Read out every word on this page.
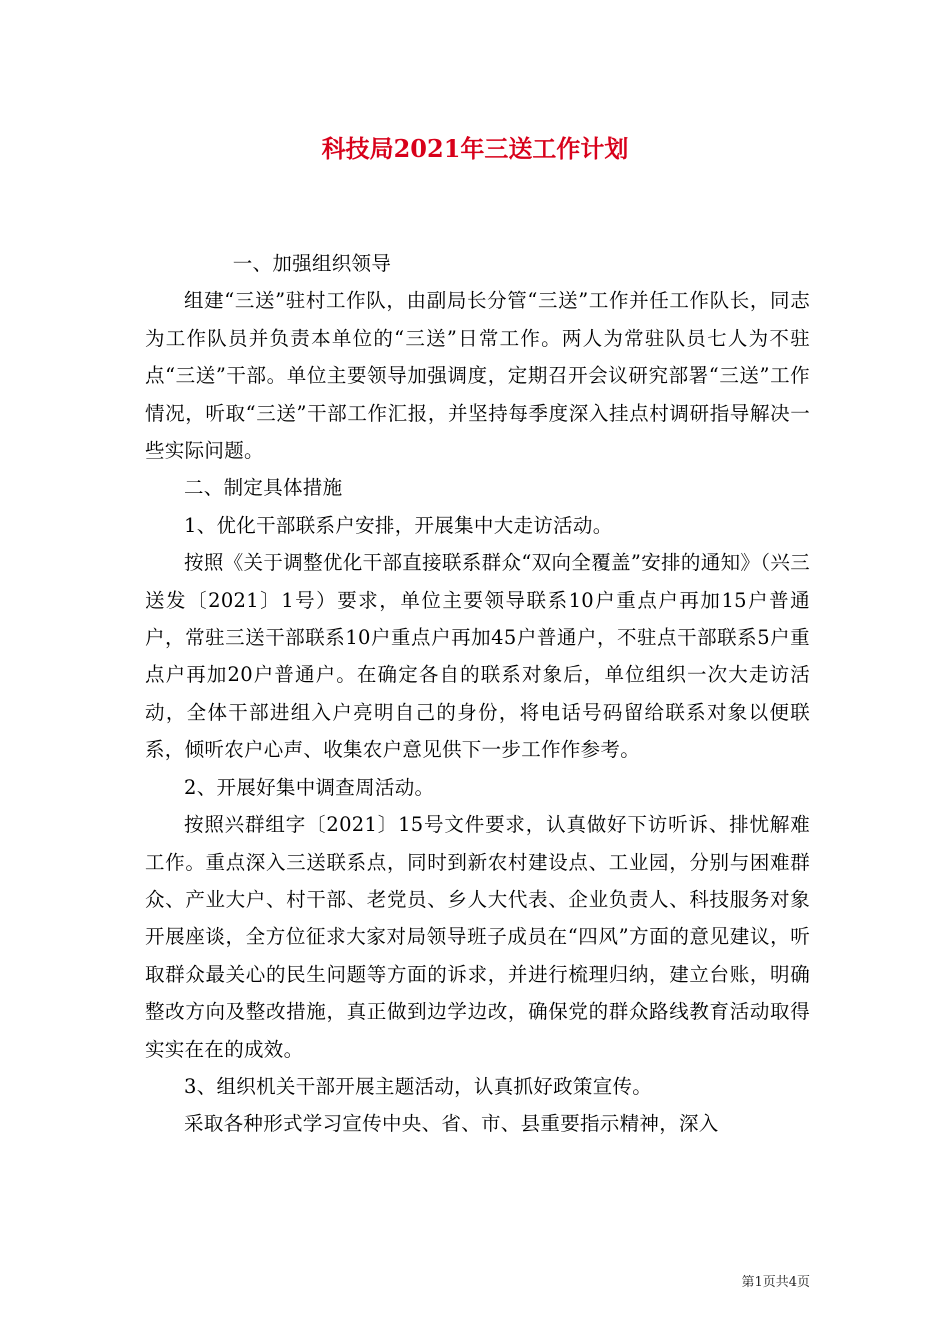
科技局2021年三送工作计划

一、加强组织领导

组建“三送”驻村工作队，由副局长分管“三送”工作并任工作队长，同志为工作队员并负责本单位的“三送”日常工作。两人为常驻队员七人为不驻点“三送”干部。单位主要领导加强调度，定期召开会议研究部署“三送”工作情况，听取“三送”干部工作汇报，并坚持每季度深入挂点村调研指导解决一些实际问题。

二、制定具体措施

1、优化干部联系户安排，开展集中大走访活动。

按照《关于调整优化干部直接联系群众“双向全覆盖”安排的通知》（兴三送发〔2021〕1号）要求，单位主要领导联系10户重点户再加15户普通户，常驻三送干部联系10户重点户再加45户普通户，不驻点干部联系5户重点户再加20户普通户。在确定各自的联系对象后，单位组织一次大走访活动，全体干部进组入户亮明自己的身份，将电话号码留给联系对象以便联系，倾听农户心声、收集农户意见供下一步工作作参考。

2、开展好集中调查周活动。

按照兴群组字〔2021〕15号文件要求，认真做好下访听诉、排忧解难工作。重点深入三送联系点，同时到新农村建设点、工业园，分别与困难群众、产业大户、村干部、老党员、乡人大代表、企业负责人、科技服务对象开展座谈，全方位征求大家对局领导班子成员在“四风”方面的意见建议，听取群众最关心的民生问题等方面的诉求，并进行梳理归纳，建立台账，明确整改方向及整改措施，真正做到边学边改，确保党的群众路线教育活动取得实实在在的成效。

3、组织机关干部开展主题活动，认真抓好政策宣传。

采取各种形式学习宣传中央、省、市、县重要指示精神，深入

第1页共4页
